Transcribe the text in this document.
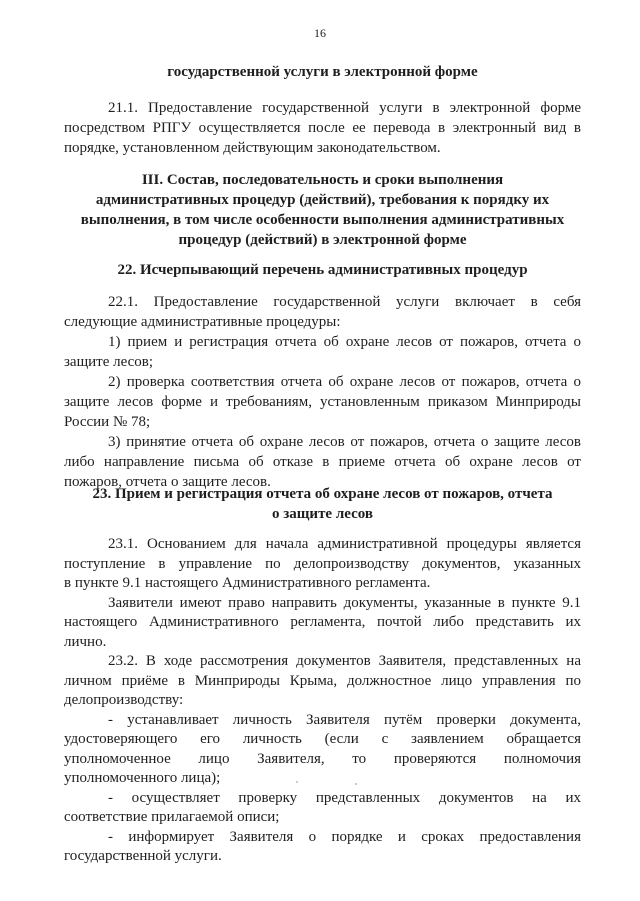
16
государственной услуги в электронной форме
21.1. Предоставление государственной услуги в электронной форме
посредством РПГУ осуществляется после ее перевода в электронный вид в
порядке, установленном действующим законодательством.
III. Состав, последовательность и сроки выполнения
административных процедур (действий), требования к порядку их
выполнения, в том числе особенности выполнения административных
процедур (действий) в электронной форме
22. Исчерпывающий перечень административных процедур
22.1. Предоставление государственной услуги включает в себя
следующие административные процедуры:
1) прием и регистрация отчета об охране лесов от пожаров, отчета о
защите лесов;
2) проверка соответствия отчета об охране лесов от пожаров, отчета о
защите лесов форме и требованиям, установленным приказом Минприроды
России № 78;
3) принятие отчета об охране лесов от пожаров, отчета о защите лесов
либо направление письма об отказе в приеме отчета об охране лесов от
пожаров, отчета о защите лесов.
23. Прием и регистрация отчета об охране лесов от пожаров, отчета
о защите лесов
23.1. Основанием для начала административной процедуры является
поступление в управление по делопроизводству документов, указанных
в пункте 9.1 настоящего Административного регламента.
Заявители имеют право направить документы, указанные в пункте 9.1
настоящего Административного регламента, почтой либо представить их
лично.
23.2. В ходе рассмотрения документов Заявителя, представленных на
личном приёме в Минприроды Крыма, должностное лицо управления по
делопроизводству:
- устанавливает личность Заявителя путём проверки документа,
удостоверяющего его личность (если с заявлением обращается
уполномоченное лицо Заявителя, то проверяются полномочия
уполномоченного лица);
- осуществляет проверку представленных документов на их
соответствие прилагаемой описи;
- информирует Заявителя о порядке и сроках предоставления
государственной услуги.
